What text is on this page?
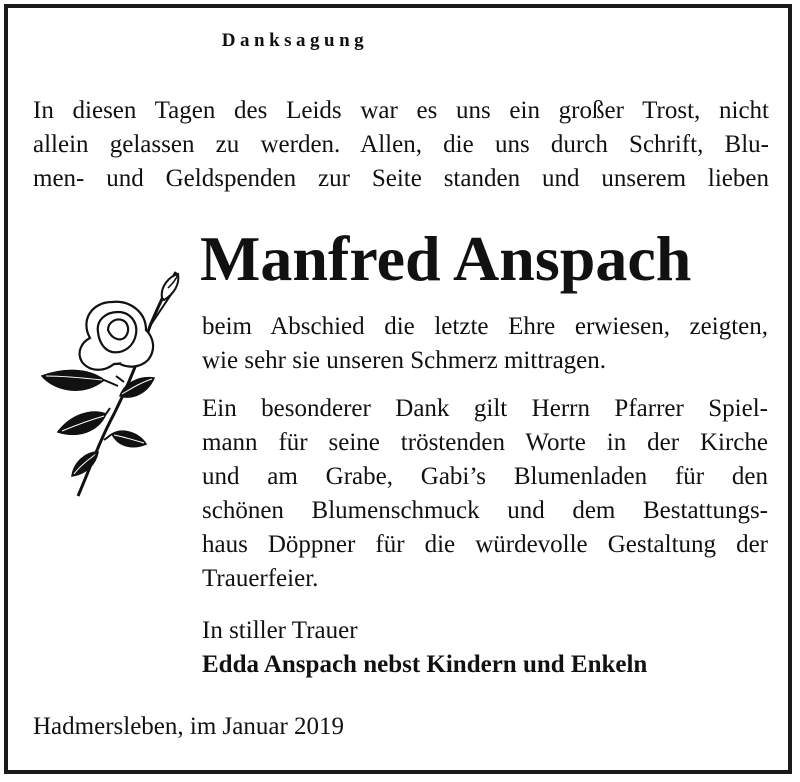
Danksagung
In diesen Tagen des Leids war es uns ein großer Trost, nicht
allein gelassen zu werden. Allen, die uns durch Schrift, Blu-
men- und Geldspenden zur Seite standen und unserem lieben
Manfred Anspach
beim Abschied die letzte Ehre erwiesen, zeigten,
wie sehr sie unseren Schmerz mittragen.
Ein besonderer Dank gilt Herrn Pfarrer Spiel-
mann für seine tröstenden Worte in der Kirche
und am Grabe, Gabi’s Blumenladen für den
schönen Blumenschmuck und dem Bestattungs-
haus Döppner für die würdevolle Gestaltung der
Trauerfeier.
In stiller Trauer
Edda Anspach nebst Kindern und Enkeln
Hadmersleben, im Januar 2019
